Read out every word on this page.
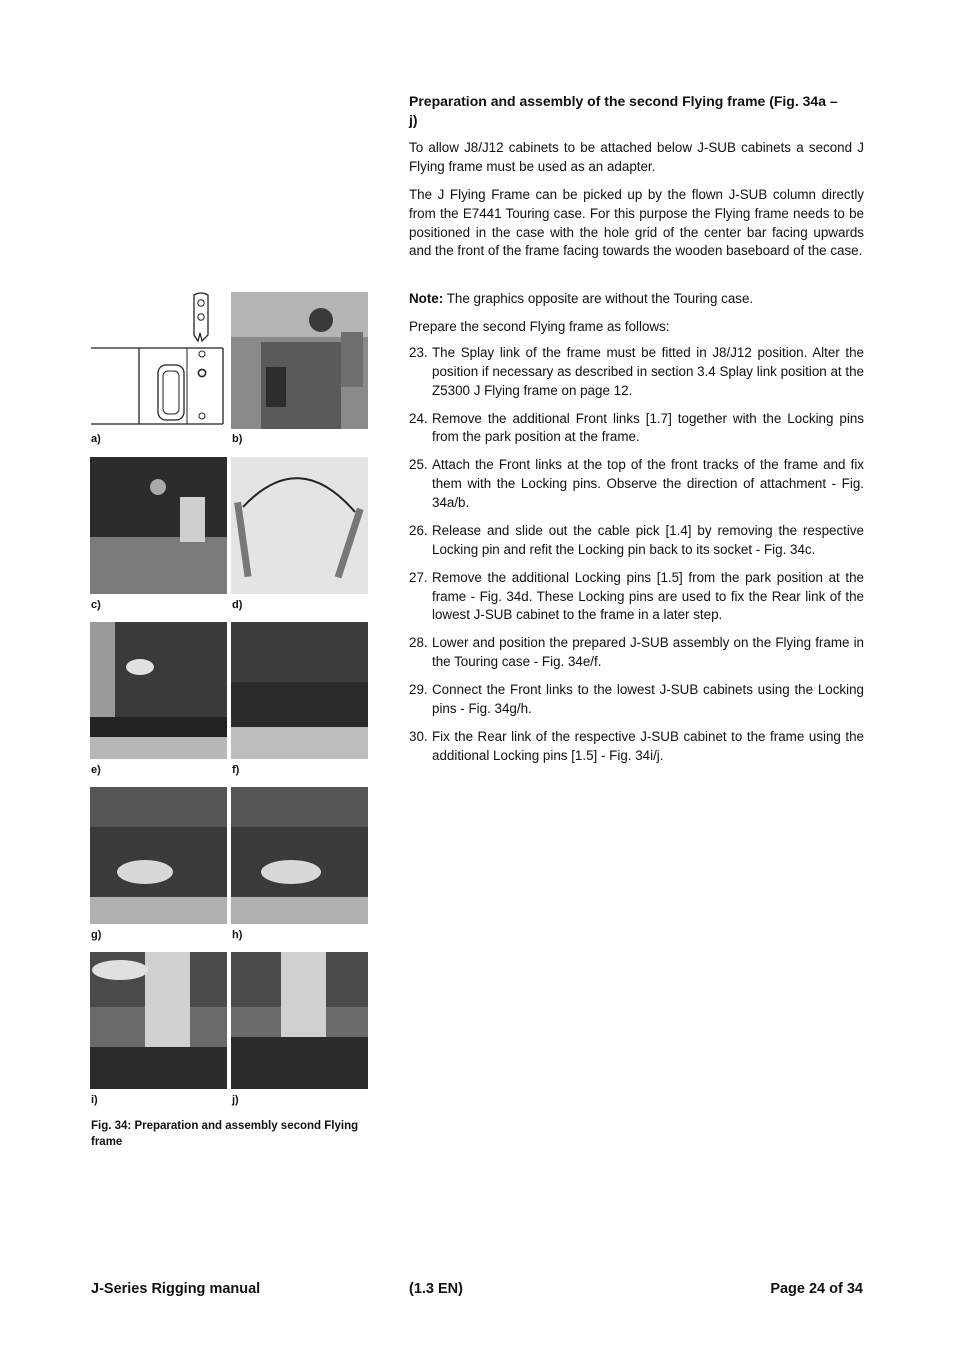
Preparation and assembly of the second Flying frame (Fig. 34a – j)

To allow J8/J12 cabinets to be attached below J-SUB cabinets a second J Flying frame must be used as an adapter.

The J Flying Frame can be picked up by the flown J-SUB column directly from the E7441 Touring case. For this purpose the Flying frame needs to be positioned in the case with the hole grid of the center bar facing upwards and the front of the frame facing towards the wooden baseboard of the case.

Note: The graphics opposite are without the Touring case.

Prepare the second Flying frame as follows:

23. The Splay link of the frame must be fitted in J8/J12 position. Alter the position if necessary as described in section 3.4 Splay link position at the Z5300 J Flying frame on page 12.
24. Remove the additional Front links [1.7] together with the Locking pins from the park position at the frame.
25. Attach the Front links at the top of the front tracks of the frame and fix them with the Locking pins. Observe the direction of attachment - Fig. 34a/b.
26. Release and slide out the cable pick [1.4] by removing the respective Locking pin and refit the Locking pin back to its socket - Fig. 34c.
27. Remove the additional Locking pins [1.5] from the park position at the frame - Fig. 34d. These Locking pins are used to fix the Rear link of the lowest J-SUB cabinet to the frame in a later step.
28. Lower and position the prepared J-SUB assembly on the Flying frame in the Touring case - Fig. 34e/f.
29. Connect the Front links to the lowest J-SUB cabinets using the Locking pins - Fig. 34g/h.
30. Fix the Rear link of the respective J-SUB cabinet to the frame using the additional Locking pins [1.5] - Fig. 34i/j.
a)	b)
c)	d)
e)	f)
g)	h)
i)	j)
Fig. 34: Preparation and assembly second Flying frame
J-Series Rigging manual	(1.3 EN)	Page 24 of 34
